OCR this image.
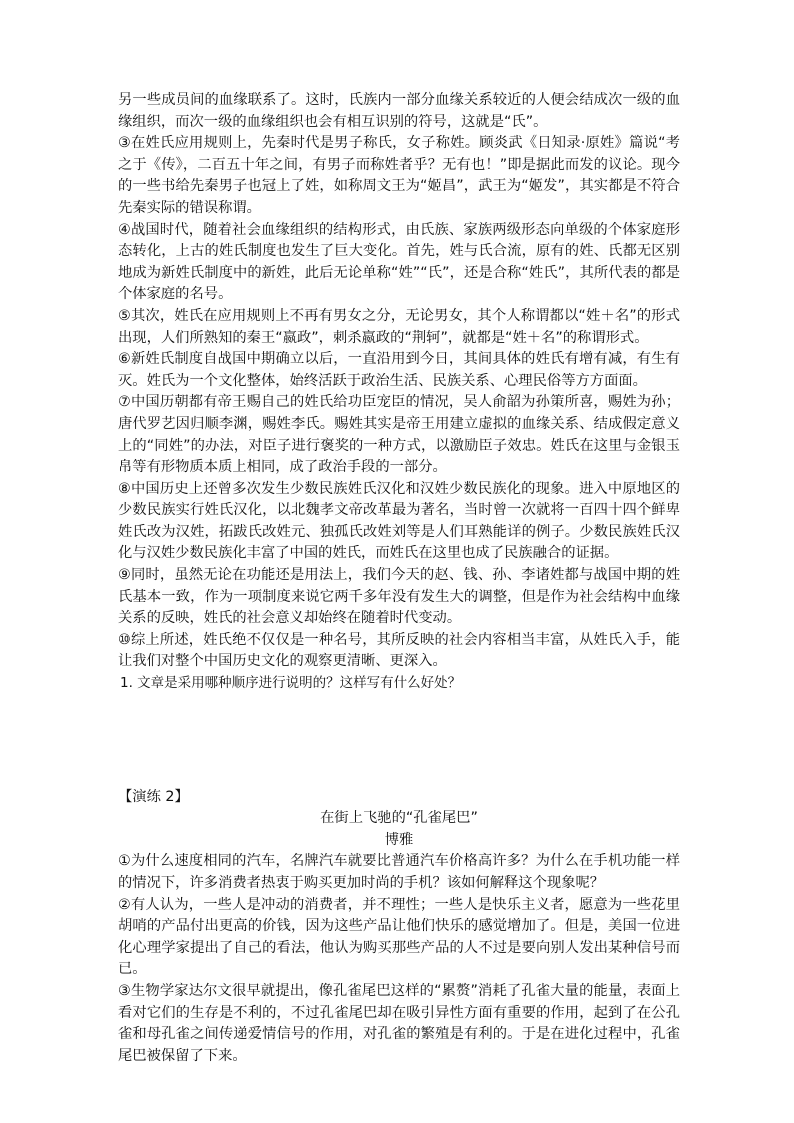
另一些成员间的血缘联系了。这时，氏族内一部分血缘关系较近的人便会结成次一级的血缘组织，而次一级的血缘组织也会有相互识别的符号，这就是“氏”。

③在姓氏应用规则上，先秦时代是男子称氏，女子称姓。顾炎武《日知录·原姓》篇说“考之于《传》，二百五十年之间，有男子而称姓者乎？无有也！”即是据此而发的议论。现今的一些书给先秦男子也冠上了姓，如称周文王为“姬昌”，武王为“姬发”，其实都是不符合先秦实际的错误称谓。

④战国时代，随着社会血缘组织的结构形式，由氏族、家族两级形态向单级的个体家庭形态转化，上古的姓氏制度也发生了巨大变化。首先，姓与氏合流，原有的姓、氏都无区别地成为新姓氏制度中的新姓，此后无论单称“姓”“氏”，还是合称“姓氏”，其所代表的都是个体家庭的名号。

⑤其次，姓氏在应用规则上不再有男女之分，无论男女，其个人称谓都以“姓＋名”的形式出现，人们所熟知的秦王“嬴政”，刺杀嬴政的“荆轲”，就都是“姓＋名”的称谓形式。

⑥新姓氏制度自战国中期确立以后，一直沿用到今日，其间具体的姓氏有增有减，有生有灭。姓氏为一个文化整体，始终活跃于政治生活、民族关系、心理民俗等方方面面。

⑦中国历朝都有帝王赐自己的姓氏给功臣宠臣的情况，吴人俞韶为孙策所喜，赐姓为孙；唐代罗艺因归顺李渊，赐姓李氏。赐姓其实是帝王用建立虚拟的血缘关系、结成假定意义上的“同姓”的办法，对臣子进行褒奖的一种方式，以激励臣子效忠。姓氏在这里与金银玉帛等有形物质本质上相同，成了政治手段的一部分。

⑧中国历史上还曾多次发生少数民族姓氏汉化和汉姓少数民族化的现象。进入中原地区的少数民族实行姓氏汉化，以北魏孝文帝改革最为著名，当时曾一次就将一百四十四个鲜卑姓氏改为汉姓，拓跋氏改姓元、独孤氏改姓刘等是人们耳熟能详的例子。少数民族姓氏汉化与汉姓少数民族化丰富了中国的姓氏，而姓氏在这里也成了民族融合的证据。

⑨同时，虽然无论在功能还是用法上，我们今天的赵、钱、孙、李诸姓都与战国中期的姓氏基本一致，作为一项制度来说它两千多年没有发生大的调整，但是作为社会结构中血缘关系的反映，姓氏的社会意义却始终在随着时代变动。

⑩综上所述，姓氏绝不仅仅是一种名号，其所反映的社会内容相当丰富，从姓氏入手，能让我们对整个中国历史文化的观察更清晰、更深入。

1. 文章是采用哪种顺序进行说明的？这样写有什么好处？

【演练 2】

在街上飞驰的“孔雀尾巴”

博雅

①为什么速度相同的汽车，名牌汽车就要比普通汽车价格高许多？为什么在手机功能一样的情况下，许多消费者热衷于购买更加时尚的手机？该如何解释这个现象呢？

②有人认为，一些人是冲动的消费者，并不理性；一些人是快乐主义者，愿意为一些花里胡哨的产品付出更高的价钱，因为这些产品让他们快乐的感觉增加了。但是，美国一位进化心理学家提出了自己的看法，他认为购买那些产品的人不过是要向别人发出某种信号而已。

③生物学家达尔文很早就提出，像孔雀尾巴这样的“累赘”消耗了孔雀大量的能量，表面上看对它们的生存是不利的，不过孔雀尾巴却在吸引异性方面有重要的作用，起到了在公孔雀和母孔雀之间传递爱情信号的作用，对孔雀的繁殖是有利的。于是在进化过程中，孔雀尾巴被保留了下来。
